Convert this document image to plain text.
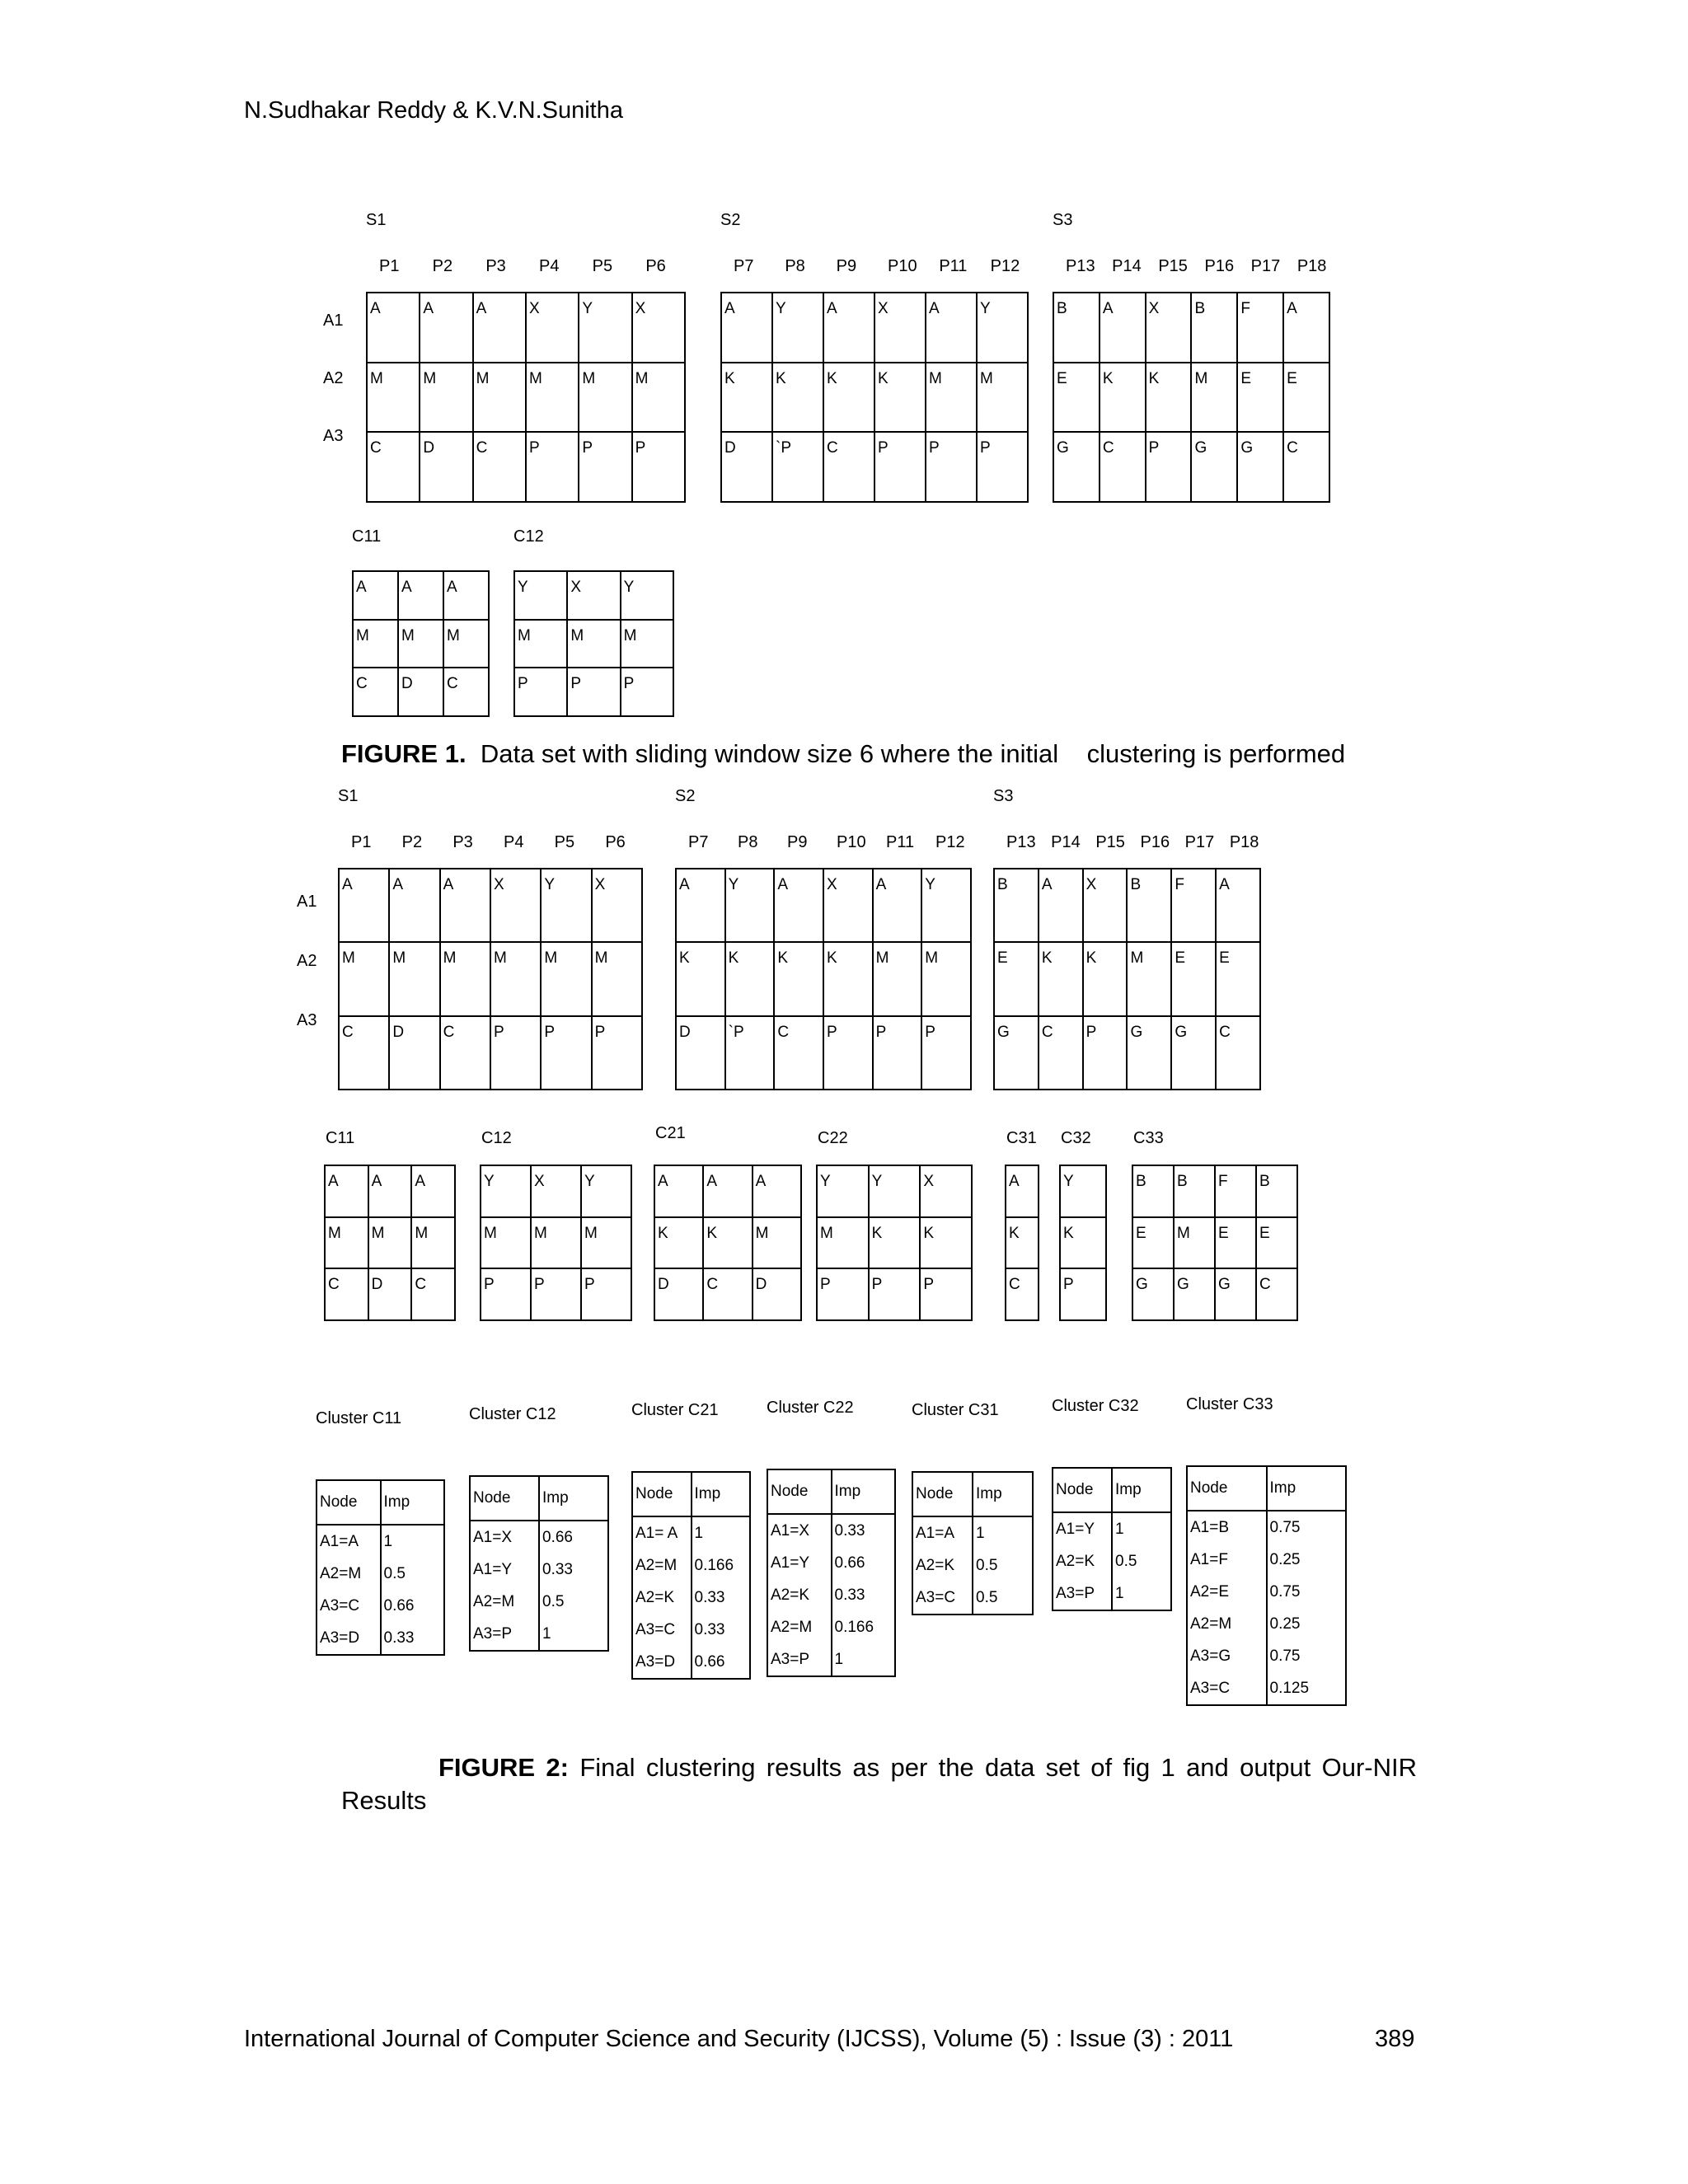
N.Sudhakar Reddy & K.V.N.Sunitha
S1
P1 P2 P3 P4 P5 P6
A	A	A	X	Y	X
M	M	M	M	M	M
C	D	C	P	P	P
S2
P7 P8 P9 P10 P11 P12
A	Y	A	X	A	Y
K	K	K	K	M	M
D	`P	C	P	P	P
S3
P13 P14 P15 P16 P17 P18
B	A	X	B	F	A
E	K	K	M	E	E
G	C	P	G	G	C
A1
A2
A3
C11
A	A	A
M	M	M
C	D	C
C12
Y	X	Y
M	M	M
P	P	P
S1
P1 P2 P3 P4 P5 P6
A	A	A	X	Y	X
M	M	M	M	M	M
C	D	C	P	P	P
S2
P7 P8 P9 P10 P11 P12
A	Y	A	X	A	Y
K	K	K	K	M	M
D	`P	C	P	P	P
S3
P13 P14 P15 P16 P17 P18
B	A	X	B	F	A
E	K	K	M	E	E
G	C	P	G	G	C
A1
A2
A3
C11
A	A	A
M	M	M
C	D	C
C12
Y	X	Y
M	M	M
P	P	P
C21
A	A	A
K	K	M
D	C	D
C22
Y	Y	X
M	K	K
P	P	P
C31
A
K
C
C32
Y
K
P
C33
B	B	F	B
E	M	E	E
G	G	G	C
Cluster C11
Node	Imp
A1=A	1
A2=M	0.5
A3=C	0.66
A3=D	0.33
Cluster C12
Node	Imp
A1=X	0.66
A1=Y	0.33
A2=M	0.5
A3=P	1
Cluster C21
Node	Imp
A1= A	1
A2=M	0.166
A2=K	0.33
A3=C	0.33
A3=D	0.66
Cluster C22
Node	Imp
A1=X	0.33
A1=Y	0.66
A2=K	0.33
A2=M	0.166
A3=P	1
Cluster C31
Node	Imp
A1=A	1
A2=K	0.5
A3=C	0.5
Cluster C32
Node	Imp
A1=Y	1
A2=K	0.5
A3=P	1
Cluster C33
Node	Imp
A1=B	0.75
A1=F	0.25
A2=E	0.75
A2=M	0.25
A3=G	0.75
A3=C	0.125
FIGURE 1. Data set with sliding window size 6 where the initial    clustering is performed
FIGURE 2: Final clustering results as per the data set of fig 1 and output Our-NIR Results
International Journal of Computer Science and Security (IJCSS), Volume (5) : Issue (3) : 2011	389
